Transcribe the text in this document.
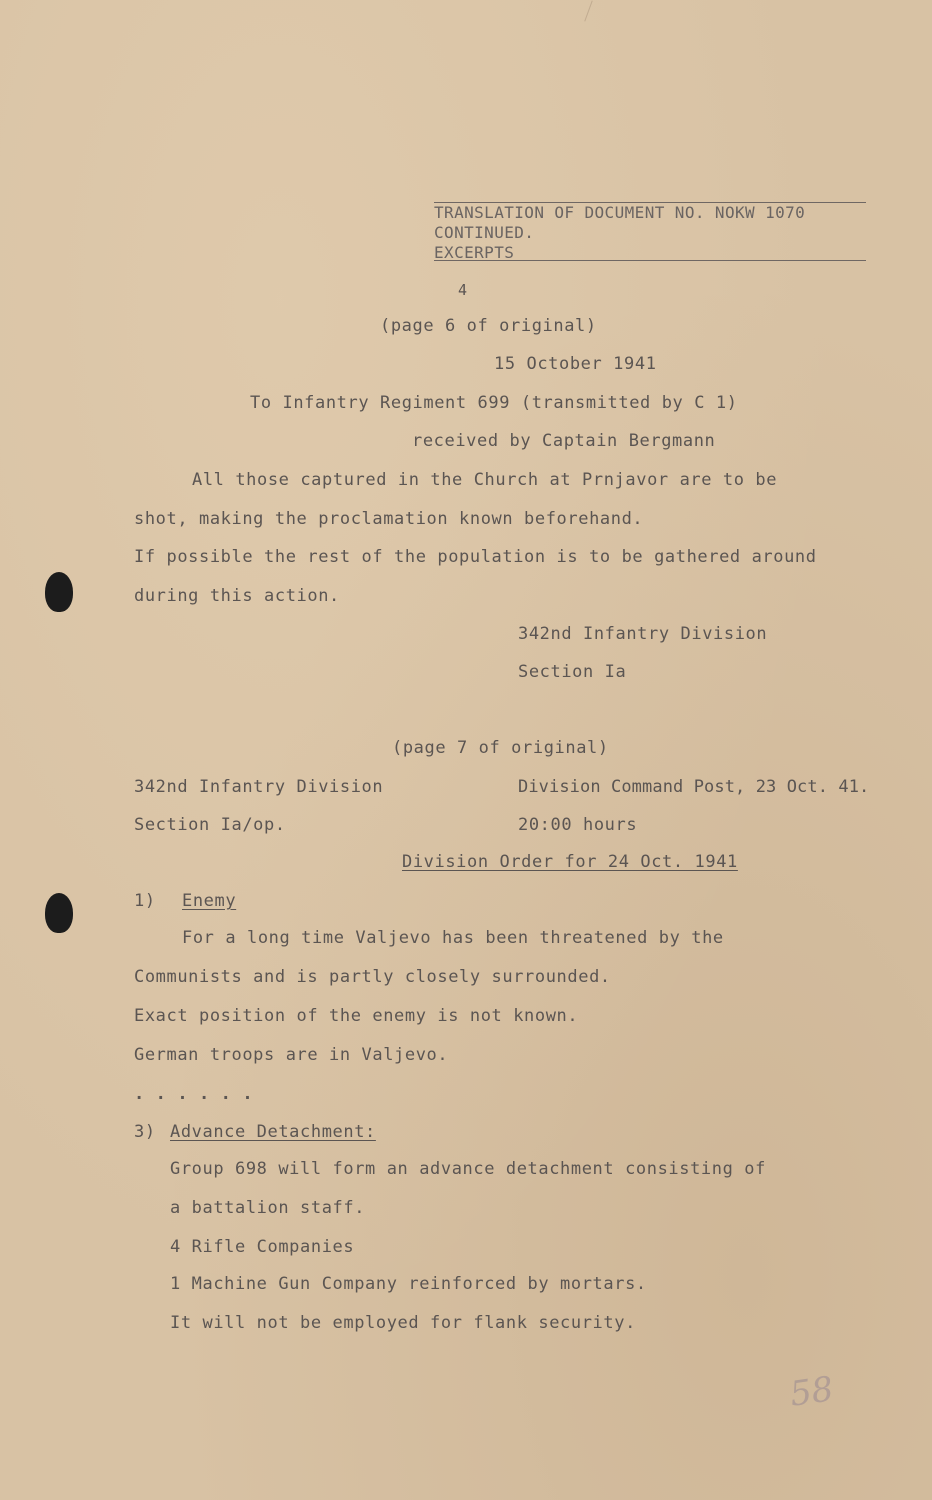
TRANSLATION OF DOCUMENT NO. NOKW 1070
CONTINUED.
EXCERPTS
4
(page 6 of original)
15 October 1941
To Infantry Regiment 699 (transmitted by C 1)
received by Captain Bergmann
All those captured in the Church at Prnjavor are to be
shot, making the proclamation known beforehand.
If possible the rest of the population is to be gathered around
during this action.
342nd Infantry Division
Section Ia
(page 7 of original)
342nd Infantry Division
Section Ia/op.
Division Command Post, 23 Oct. 41.
20:00 hours
Division Order for 24 Oct. 1941
1) Enemy
For a long time Valjevo has been threatened by the
Communists and is partly closely surrounded.
Exact position of the enemy is not known.
German troops are in Valjevo.
. . . . . .
3) Advance Detachment:
Group 698 will form an advance detachment consisting of
a battalion staff.
4 Rifle Companies
1 Machine Gun Company reinforced by mortars.
It will not be employed for flank security.
58
